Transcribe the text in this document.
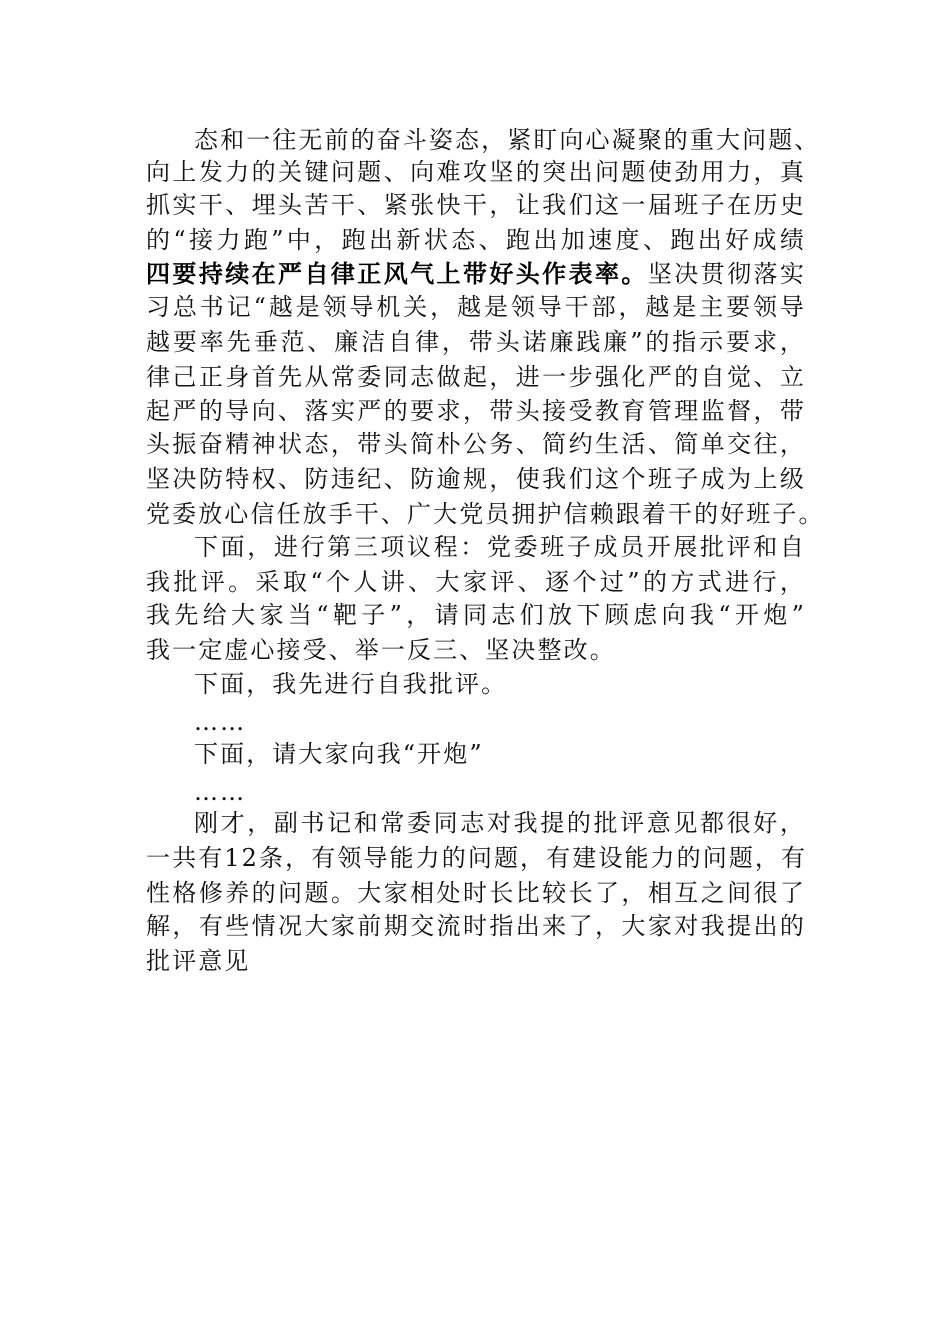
态和一往无前的奋斗姿态，紧盯向心凝聚的重大问题、
向上发力的关键问题、向难攻坚的突出问题使劲用力，真
抓实干、埋头苦干、紧张快干，让我们这一届班子在历史
的“接力跑”中，跑出新状态、跑出加速度、跑出好成绩
四要持续在严自律正风气上带好头作表率。坚决贯彻落实
习总书记“越是领导机关，越是领导干部，越是主要领导
越要率先垂范、廉洁自律，带头诺廉践廉”的指示要求，
律己正身首先从常委同志做起，进一步强化严的自觉、立
起严的导向、落实严的要求，带头接受教育管理监督，带
头振奋精神状态，带头简朴公务、简约生活、简单交往，
坚决防特权、防违纪、防逾规，使我们这个班子成为上级
党委放心信任放手干、广大党员拥护信赖跟着干的好班子。
下面，进行第三项议程：党委班子成员开展批评和自
我批评。采取“个人讲、大家评、逐个过”的方式进行，
我先给大家当“靶子”，请同志们放下顾虑向我“开炮”
我一定虚心接受、举一反三、坚决整改。
下面，我先进行自我批评。
……
下面，请大家向我“开炮”
……
刚才，副书记和常委同志对我提的批评意见都很好，
一共有12条，有领导能力的问题，有建设能力的问题，有
性格修养的问题。大家相处时长比较长了，相互之间很了
解，有些情况大家前期交流时指出来了，大家对我提出的
批评意见
